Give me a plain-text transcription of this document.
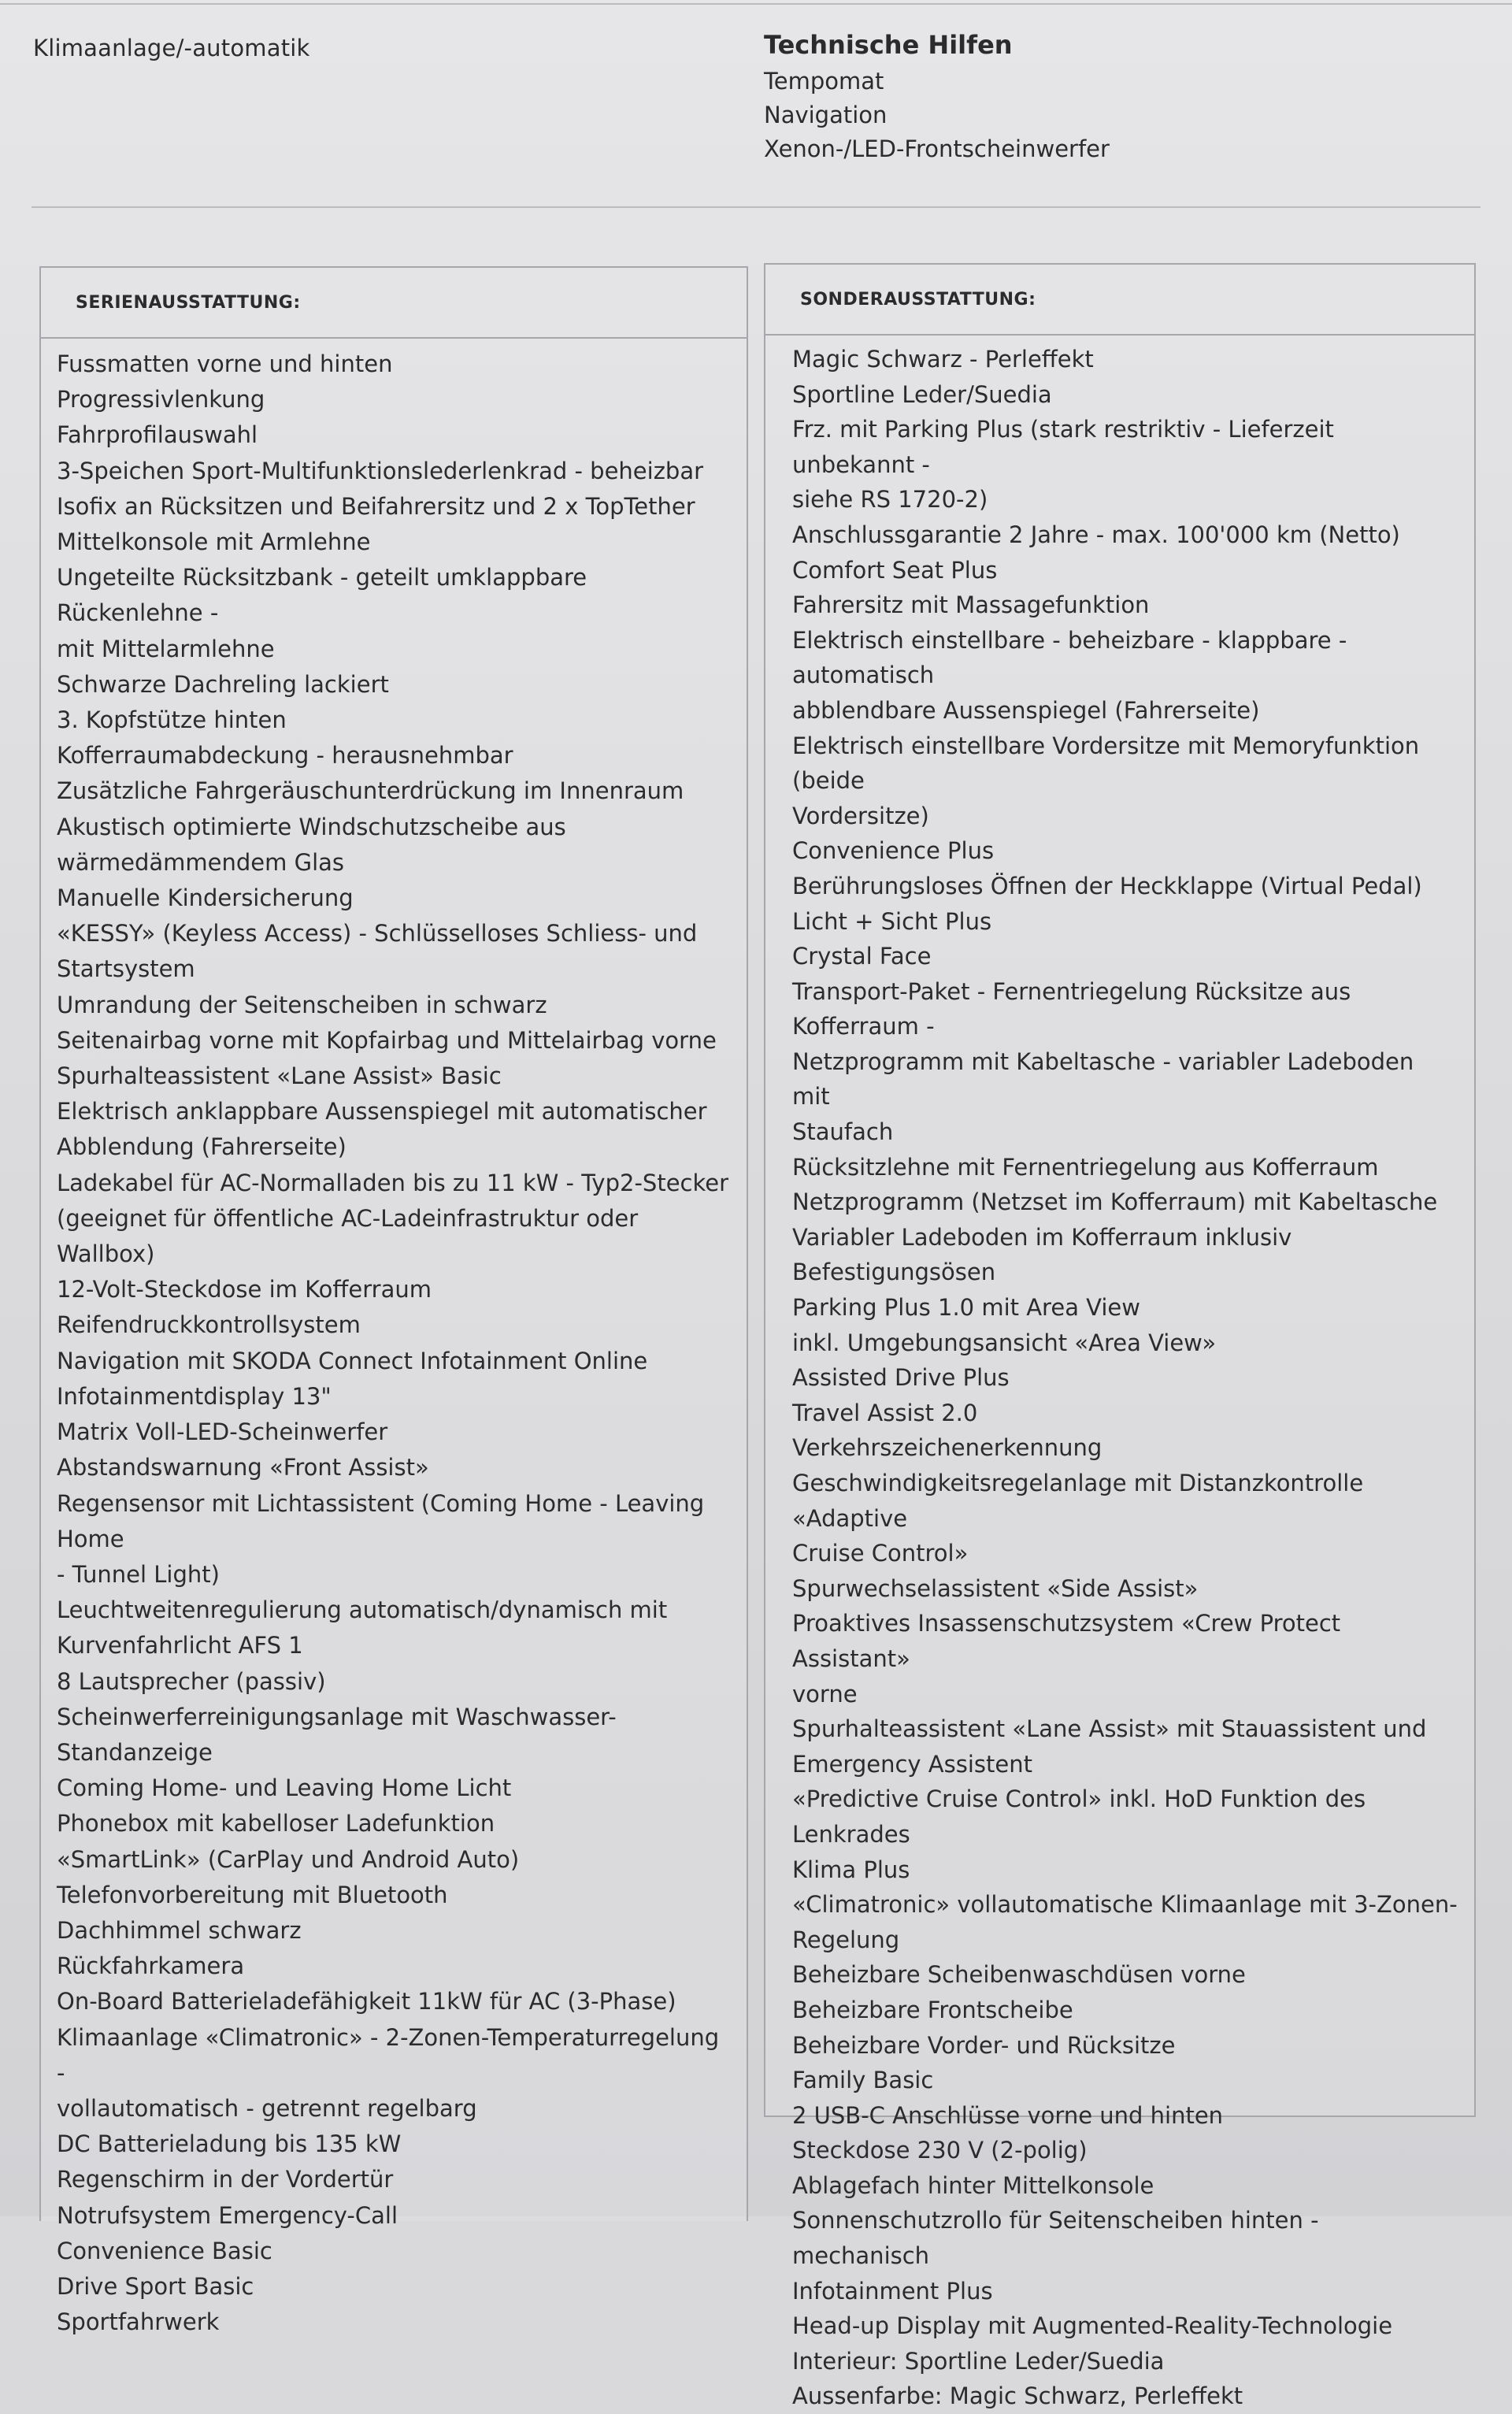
Klimaanlage/-automatik	Technische Hilfen
Tempomat
Navigation
Xenon-/LED-Frontscheinwerfer
SERIENAUSSTATTUNG:
Fussmatten vorne und hinten
Progressivlenkung
Fahrprofilauswahl
3-Speichen Sport-Multifunktionslederlenkrad - beheizbar
Isofix an Rücksitzen und Beifahrersitz und 2 x TopTether
Mittelkonsole mit Armlehne
Ungeteilte Rücksitzbank - geteilt umklappbare Rückenlehne -
mit Mittelarmlehne
Schwarze Dachreling lackiert
3. Kopfstütze hinten
Kofferraumabdeckung - herausnehmbar
Zusätzliche Fahrgeräuschunterdrückung im Innenraum
Akustisch optimierte Windschutzscheibe aus
wärmedämmendem Glas
Manuelle Kindersicherung
«KESSY» (Keyless Access) - Schlüsselloses Schliess- und
Startsystem
Umrandung der Seitenscheiben in schwarz
Seitenairbag vorne mit Kopfairbag und Mittelairbag vorne
Spurhalteassistent «Lane Assist» Basic
Elektrisch anklappbare Aussenspiegel mit automatischer
Abblendung (Fahrerseite)
Ladekabel für AC-Normalladen bis zu 11 kW - Typ2-Stecker
(geeignet für öffentliche AC-Ladeinfrastruktur oder Wallbox)
12-Volt-Steckdose im Kofferraum
Reifendruckkontrollsystem
Navigation mit SKODA Connect Infotainment Online
Infotainmentdisplay 13"
Matrix Voll-LED-Scheinwerfer
Abstandswarnung «Front Assist»
Regensensor mit Lichtassistent (Coming Home - Leaving Home
- Tunnel Light)
Leuchtweitenregulierung automatisch/dynamisch mit
Kurvenfahrlicht AFS 1
8 Lautsprecher (passiv)
Scheinwerferreinigungsanlage mit Waschwasser-Standanzeige
Coming Home- und Leaving Home Licht
Phonebox mit kabelloser Ladefunktion
«SmartLink» (CarPlay und Android Auto)
Telefonvorbereitung mit Bluetooth
Dachhimmel schwarz
Rückfahrkamera
On-Board Batterieladefähigkeit 11kW für AC (3-Phase)
Klimaanlage «Climatronic» - 2-Zonen-Temperaturregelung -
vollautomatisch - getrennt regelbarg
DC Batterieladung bis 135 kW
Regenschirm in der Vordertür
Notrufsystem Emergency-Call
Convenience Basic
Drive Sport Basic
Sportfahrwerk
SONDERAUSSTATTUNG:
Magic Schwarz - Perleffekt
Sportline Leder/Suedia
Frz. mit Parking Plus (stark restriktiv - Lieferzeit unbekannt -
siehe RS 1720-2)
Anschlussgarantie 2 Jahre - max. 100'000 km (Netto)
Comfort Seat Plus
Fahrersitz mit Massagefunktion
Elektrisch einstellbare - beheizbare - klappbare - automatisch
abblendbare Aussenspiegel (Fahrerseite)
Elektrisch einstellbare Vordersitze mit Memoryfunktion (beide
Vordersitze)
Convenience Plus
Berührungsloses Öffnen der Heckklappe (Virtual Pedal)
Licht + Sicht Plus
Crystal Face
Transport-Paket - Fernentriegelung Rücksitze aus Kofferraum -
Netzprogramm mit Kabeltasche - variabler Ladeboden mit
Staufach
Rücksitzlehne mit Fernentriegelung aus Kofferraum
Netzprogramm (Netzset im Kofferraum) mit Kabeltasche
Variabler Ladeboden im Kofferraum inklusiv Befestigungsösen
Parking Plus 1.0 mit Area View
inkl. Umgebungsansicht «Area View»
Assisted Drive Plus
Travel Assist 2.0
Verkehrszeichenerkennung
Geschwindigkeitsregelanlage mit Distanzkontrolle «Adaptive
Cruise Control»
Spurwechselassistent «Side Assist»
Proaktives Insassenschutzsystem «Crew Protect Assistant»
vorne
Spurhalteassistent «Lane Assist» mit Stauassistent und
Emergency Assistent
«Predictive Cruise Control» inkl. HoD Funktion des Lenkrades
Klima Plus
«Climatronic» vollautomatische Klimaanlage mit 3-Zonen-
Regelung
Beheizbare Scheibenwaschdüsen vorne
Beheizbare Frontscheibe
Beheizbare Vorder- und Rücksitze
Family Basic
2 USB-C Anschlüsse vorne und hinten
Steckdose 230 V (2-polig)
Ablagefach hinter Mittelkonsole
Sonnenschutzrollo für Seitenscheiben hinten - mechanisch
Infotainment Plus
Head-up Display mit Augmented-Reality-Technologie
Interieur: Sportline Leder/Suedia
Aussenfarbe: Magic Schwarz, Perleffekt
